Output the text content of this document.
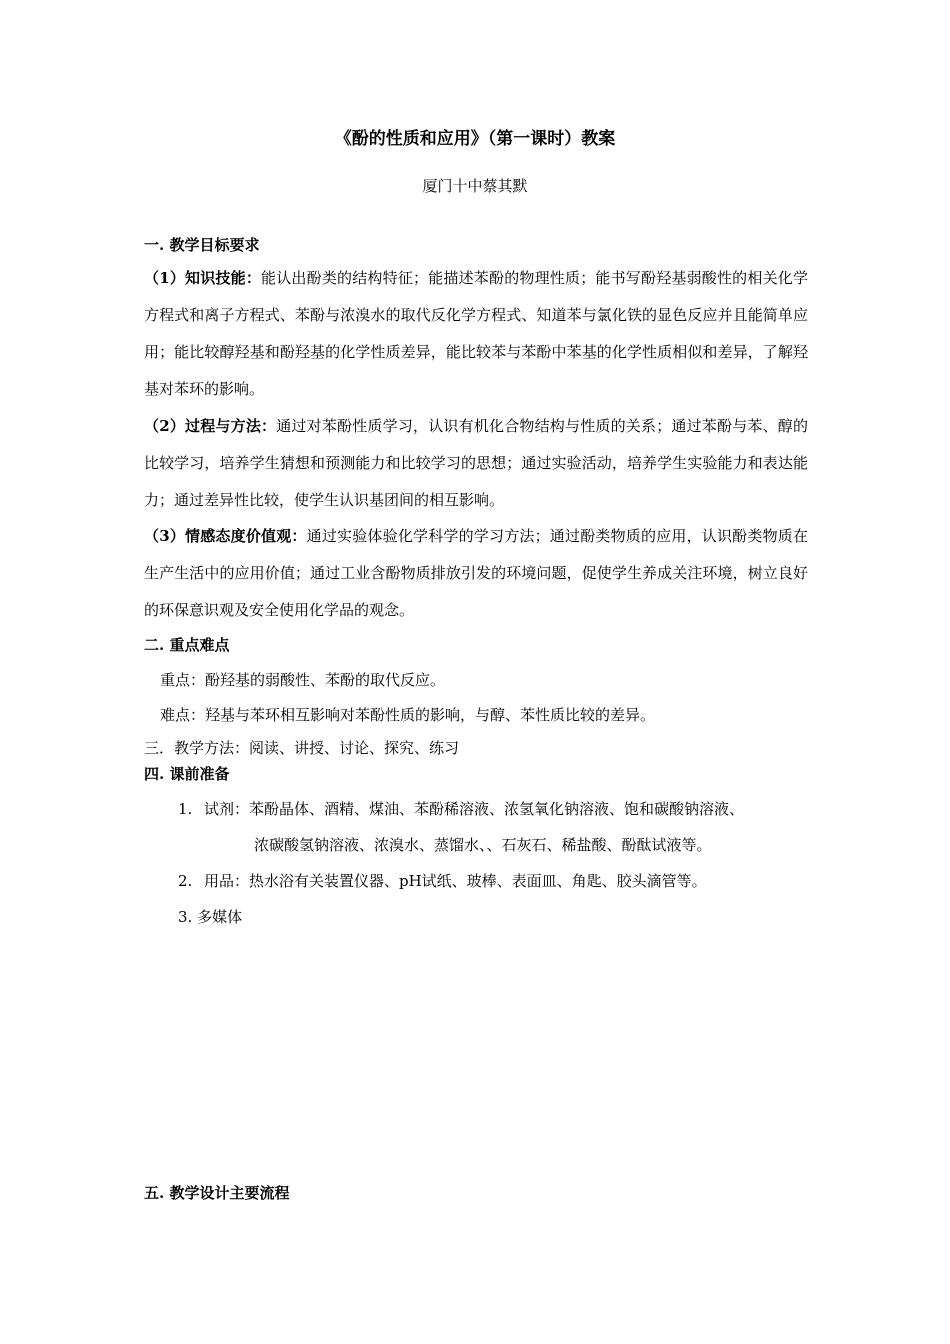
《酚的性质和应用》（第一课时）教案
厦门十中蔡其默
一. 教学目标要求
（1）知识技能：能认出酚类的结构特征；能描述苯酚的物理性质；能书写酚羟基弱酸性的相关化学方程式和离子方程式、苯酚与浓溴水的取代反化学方程式、知道苯与氯化铁的显色反应并且能简单应用；能比较醇羟基和酚羟基的化学性质差异，能比较苯与苯酚中苯基的化学性质相似和差异，了解羟基对苯环的影响。
（2）过程与方法：通过对苯酚性质学习，认识有机化合物结构与性质的关系；通过苯酚与苯、醇的比较学习，培养学生猜想和预测能力和比较学习的思想；通过实验活动，培养学生实验能力和表达能力；通过差异性比较，使学生认识基团间的相互影响。
（3）情感态度价值观：通过实验体验化学科学的学习方法；通过酚类物质的应用，认识酚类物质在生产生活中的应用价值；通过工业含酚物质排放引发的环境问题，促使学生养成关注环境，树立良好的环保意识观及安全使用化学品的观念。
二. 重点难点
重点：酚羟基的弱酸性、苯酚的取代反应。
难点：羟基与苯环相互影响对苯酚性质的影响，与醇、苯性质比较的差异。
三．教学方法：阅读、讲授、讨论、探究、练习
四. 课前准备
1. 试剂：苯酚晶体、酒精、煤油、苯酚稀溶液、浓氢氧化钠溶液、饱和碳酸钠溶液、
浓碳酸氢钠溶液、浓溴水、蒸馏水、、石灰石、稀盐酸、酚酞试液等。
2. 用品：热水浴有关装置仪器、pH试纸、玻棒、表面皿、角匙、胶头滴管等。
3. 多媒体
五. 教学设计主要流程
